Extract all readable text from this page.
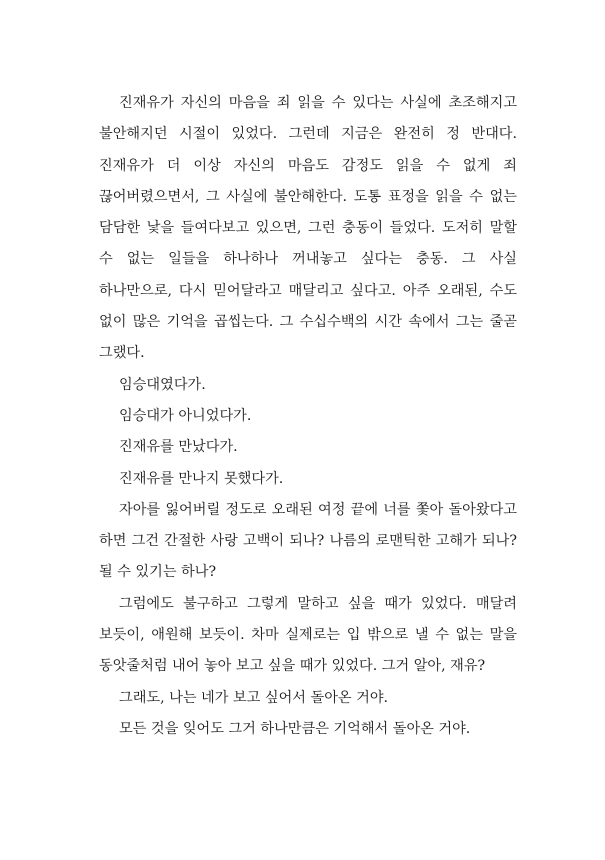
진재유가 자신의 마음을 죄 읽을 수 있다는 사실에 초조해지고 불안해지던 시절이 있었다. 그런데 지금은 완전히 정 반대다. 진재유가 더 이상 자신의 마음도 감정도 읽을 수 없게 죄 끊어버렸으면서, 그 사실에 불안해한다. 도통 표정을 읽을 수 없는 담담한 낯을 들여다보고 있으면, 그런 충동이 들었다. 도저히 말할 수 없는 일들을 하나하나 꺼내놓고 싶다는 충동. 그 사실 하나만으로, 다시 믿어달라고 매달리고 싶다고. 아주 오래된, 수도 없이 많은 기억을 곱씹는다. 그 수십수백의 시간 속에서 그는 줄곧 그랬다.

임승대였다가.

임승대가 아니었다가.

진재유를 만났다가.

진재유를 만나지 못했다가.

자아를 잃어버릴 정도로 오래된 여정 끝에 너를 쫓아 돌아왔다고 하면 그건 간절한 사랑 고백이 되나? 나름의 로맨틱한 고해가 되나? 될 수 있기는 하나?

그럼에도 불구하고 그렇게 말하고 싶을 때가 있었다. 매달려 보듯이, 애원해 보듯이. 차마 실제로는 입 밖으로 낼 수 없는 말을 동앗줄처럼 내어 놓아 보고 싶을 때가 있었다. 그거 알아, 재유?

그래도, 나는 네가 보고 싶어서 돌아온 거야.

모든 것을 잊어도 그거 하나만큼은 기억해서 돌아온 거야.
